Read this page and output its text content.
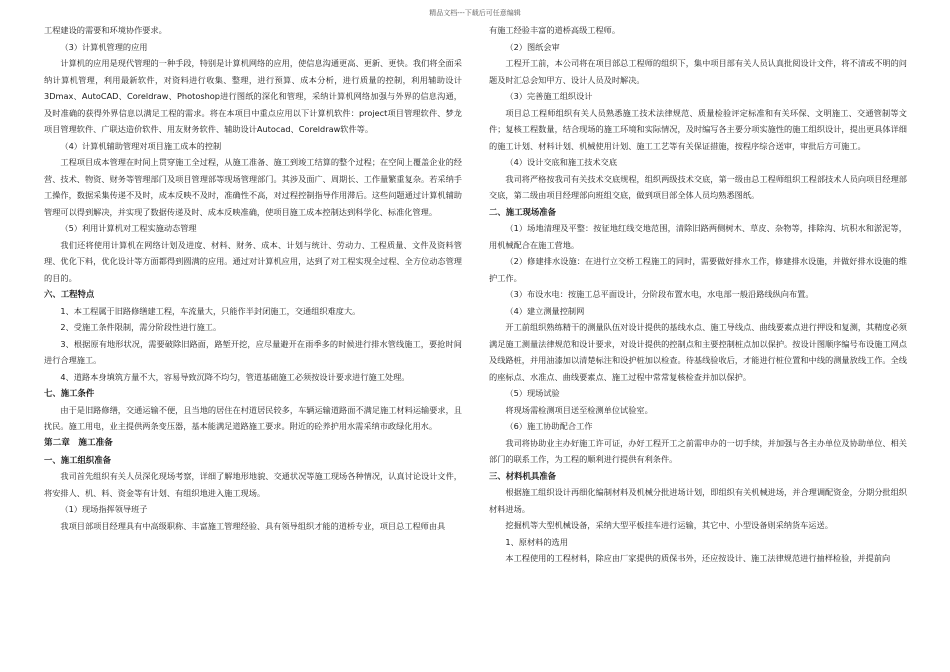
精品文档---下载后可任意编辑

工程建设的需要和环境协作要求。

（3）计算机管理的应用

计算机的应用是现代管理的一种手段，特别是计算机网络的应用，使信息沟通更高、更新、更快。我们将全面采纳计算机管理，利用最新软件，对资料进行收集、整理，进行预算、成本分析，进行质量的控制，利用辅助设计3Dmax、AutoCAD、Coreldraw、Photoshop进行图纸的深化和管理，采纳计算机网络加强与外界的信息沟通，及时准确的获得外界信息以满足工程的需求。将在本项目中重点应用以下计算机软件：project项目管理软件、梦龙项目管理软件、广联达造价软件、用友财务软件、辅助设计Autocad、Coreldraw软件等。

（4）计算机辅助管理对项目施工成本的控制

工程项目成本管理在时间上贯穿施工全过程，从施工准备、施工到竣工结算的整个过程；在空间上覆盖企业的经营、技术、物资、财务等管理部门及项目管理部等现场管理部门。其涉及面广、周期长、工作量繁重复杂。若采纳手工操作，数据采集传递不及时，成本反映不及时，准确性不高，对过程控制指导作用滞后。这些问题通过计算机辅助管理可以得到解决，并实现了数据传递及时、成本反映准确，使项目施工成本控制达到科学化、标准化管理。

（5）利用计算机对工程实施动态管理

我们还将使用计算机在网络计划及进度、材料、财务、成本、计划与统计、劳动力、工程质量、文件及资料管理、优化下料，优化设计等方面都得到圆满的应用。通过对计算机应用，达到了对工程实现全过程、全方位动态管理的目的。

六、工程特点

1、本工程属于旧路修缮建工程，车流量大，只能作半封闭施工，交通组织难度大。

2、受施工条件限制，需分阶段性进行施工。

3、根据原有地形状况，需要破除旧路面，路堑开挖，应尽量避开在雨季多的时候进行排水管线施工，要抢时间进行合理施工。

4、道路本身填筑方量不大，容易导致沉降不均匀，管道基础施工必须按设计要求进行施工处理。

七、施工条件

由于是旧路修缮，交通运输不便，且当地的居住在村道居民较多，车辆运输道路面不满足施工材料运输要求，且扰民。施工用电，业主提供两条变压器，基本能满足道路施工要求。附近的砼养护用水需采纳市政绿化用水。

第二章　施工准备
一、施工组织准备

我司首先组织有关人员深化现场考察，详细了解地形地貌、交通状况等施工现场各种情况，认真讨论设计文件，将安排人、机、料、资金等有计划、有组织地进入施工现场。

（1）现场指挥领导班子

我项目部项目经理具有中高级职称、丰富施工管理经验、具有领导组织才能的道桥专业，项目总工程师由具

有施工经验丰富的道桥高级工程师。

（2）图纸会审

工程开工前，本公司将在项目部总工程师的组织下，集中项目部有关人员认真批阅设计文件，将不清或不明的问题及时汇总会知甲方、设计人员及时解决。

（3）完善施工组织设计

项目总工程师组织有关人员熟悉施工技术法律规范、质量检验评定标准和有关环保、文明施工、交通管制等文件；复核工程数量，结合现场的施工环境和实际情况，及时编写各主要分项实施性的施工组织设计，提出更具体详细的施工计划、材料计划、机械使用计划、施工工艺等有关保证措施，按程序综合送审，审批后方可施工。

（4）设计交底和施工技术交底

我司将严格按我司有关技术交底规程，组织两级技术交底，第一级由总工程师组织工程部技术人员向项目经理部交底，第二级由项目经理部向班组交底，做到项目部全体人员均熟悉图纸。

二、施工现场准备

（1）场地清理及平整：按征地红线交地范围，清除旧路两侧树木、草皮、杂物等，排除沟、坑积水和淤泥等，用机械配合在施工营地。

（2）修建排水设施：在进行立交桥工程施工的同时，需要做好排水工作，修建排水设施，并做好排水设施的维护工作。

（3）布设水电：按施工总平面设计，分阶段布置水电，水电部一般沿路线纵向布置。

（4）建立测量控制网

开工前组织熟练精干的测量队伍对设计提供的基线水点、施工导线点、曲线要素点进行押设和复测，其精度必须满足施工测量法律规范和设计要求，对设计提供的控制点和主要控制桩点加以保护。按设计图顺序编号布设施工网点及线路桩，并用油漆加以清楚标注和设护桩加以检查。待基线验收后，才能进行桩位置和中线的测量放线工作。全线的座标点、水准点、曲线要素点、施工过程中常常复核检查并加以保护。

（5）现场试验

将现场需检测项目送至检测单位试验室。

（6）施工协助配合工作

我司将协助业主办好施工许可证，办好工程开工之前需申办的一切手续，并加强与各主办单位及协助单位、相关部门的联系工作，为工程的顺利进行提供有利条件。

三、材料机具准备

根据施工组织设计再细化编制材料及机械分批进场计划，即组织有关机械进场，并合理调配资金，分期分批组织材料进场。

挖掘机等大型机械设备，采纳大型平板挂车进行运输，其它中、小型设备则采纳货车运送。

1、原材料的选用

本工程使用的工程材料，除应由厂家提供的质保书外，还应按设计、施工法律规范进行抽样检验，并提前向
